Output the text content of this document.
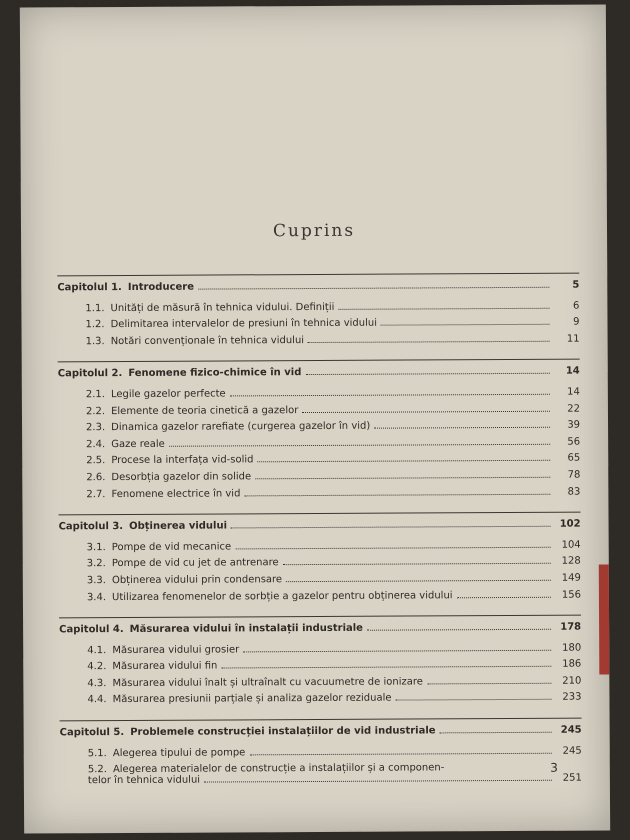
Cuprins
Capitolul 1. Introducere	5
1.1. Unități de măsură în tehnica vidului. Definiții	6
1.2. Delimitarea intervalelor de presiuni în tehnica vidului	9
1.3. Notări convenționale în tehnica vidului	11
Capitolul 2. Fenomene fizico-chimice în vid	14
2.1. Legile gazelor perfecte	14
2.2. Elemente de teoria cinetică a gazelor	22
2.3. Dinamica gazelor rarefiate (curgerea gazelor în vid)	39
2.4. Gaze reale	56
2.5. Procese la interfața vid-solid	65
2.6. Desorbția gazelor din solide	78
2.7. Fenomene electrice în vid	83
Capitolul 3. Obținerea vidului	102
3.1. Pompe de vid mecanice	104
3.2. Pompe de vid cu jet de antrenare	128
3.3. Obținerea vidului prin condensare	149
3.4. Utilizarea fenomenelor de sorbție a gazelor pentru obținerea vidului	156
Capitolul 4. Măsurarea vidului în instalații industriale	178
4.1. Măsurarea vidului grosier	180
4.2. Măsurarea vidului fin	186
4.3. Măsurarea vidului înalt și ultraînalt cu vacuumetre de ionizare	210
4.4. Măsurarea presiunii parțiale și analiza gazelor reziduale	233
Capitolul 5. Problemele construcției instalațiilor de vid industriale	245
5.1. Alegerea tipului de pompe	245
5.2. Alegerea materialelor de construcție a instalațiilor și a componen-
telor în tehnica vidului	251
3
